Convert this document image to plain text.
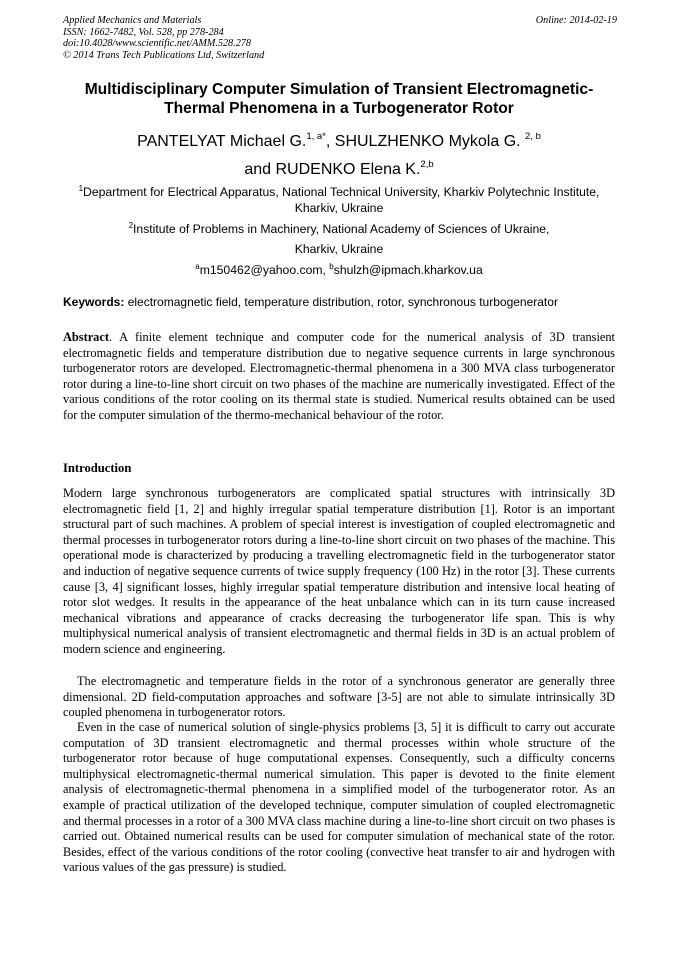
Applied Mechanics and Materials
ISSN: 1662-7482, Vol. 528, pp 278-284
doi:10.4028/www.scientific.net/AMM.528.278
© 2014 Trans Tech Publications Ltd, Switzerland
Online: 2014-02-19
Multidisciplinary Computer Simulation of Transient Electromagnetic-
Thermal Phenomena in a Turbogenerator Rotor
PANTELYAT Michael G.$^{1, a*}$, SHULZHENKO Mykola G. $^{2, b}$
and RUDENKO Elena K.$^{2,b}$
$^1$Department for Electrical Apparatus, National Technical University, Kharkiv Polytechnic Institute,
Kharkiv, Ukraine
$^2$Institute of Problems in Machinery, National Academy of Sciences of Ukraine,
Kharkiv, Ukraine
$^a$m150462@yahoo.com, $^b$shulzh@ipmach.kharkov.ua
Keywords: electromagnetic field, temperature distribution, rotor, synchronous turbogenerator
Abstract. A finite element technique and computer code for the numerical analysis of 3D transient electromagnetic fields and temperature distribution due to negative sequence currents in large synchronous turbogenerator rotors are developed. Electromagnetic-thermal phenomena in a 300 MVA class turbogenerator rotor during a line-to-line short circuit on two phases of the machine are numerically investigated. Effect of the various conditions of the rotor cooling on its thermal state is studied. Numerical results obtained can be used for the computer simulation of the thermo-mechanical behaviour of the rotor.
Introduction
Modern large synchronous turbogenerators are complicated spatial structures with intrinsically 3D electromagnetic field [1, 2] and highly irregular spatial temperature distribution [1]. Rotor is an important structural part of such machines. A problem of special interest is investigation of coupled electromagnetic and thermal processes in turbogenerator rotors during a line-to-line short circuit on two phases of the machine. This operational mode is characterized by producing a travelling electromagnetic field in the turbogenerator stator and induction of negative sequence currents of twice supply frequency (100 Hz) in the rotor [3]. These currents cause [3, 4] significant losses, highly irregular spatial temperature distribution and intensive local heating of rotor slot wedges. It results in the appearance of the heat unbalance which can in its turn cause increased mechanical vibrations and appearance of cracks decreasing the turbogenerator life span. This is why multiphysical numerical analysis of transient electromagnetic and thermal fields in 3D is an actual problem of modern science and engineering.
The electromagnetic and temperature fields in the rotor of a synchronous generator are generally three dimensional. 2D field-computation approaches and software [3-5] are not able to simulate intrinsically 3D coupled phenomena in turbogenerator rotors.
Even in the case of numerical solution of single-physics problems [3, 5] it is difficult to carry out accurate computation of 3D transient electromagnetic and thermal processes within whole structure of the turbogenerator rotor because of huge computational expenses. Consequently, such a difficulty concerns multiphysical electromagnetic-thermal numerical simulation. This paper is devoted to the finite element analysis of electromagnetic-thermal phenomena in a simplified model of the turbogenerator rotor. As an example of practical utilization of the developed technique, computer simulation of coupled electromagnetic and thermal processes in a rotor of a 300 MVA class machine during a line-to-line short circuit on two phases is carried out. Obtained numerical results can be used for computer simulation of mechanical state of the rotor. Besides, effect of the various conditions of the rotor cooling (convective heat transfer to air and hydrogen with various values of the gas pressure) is studied.
